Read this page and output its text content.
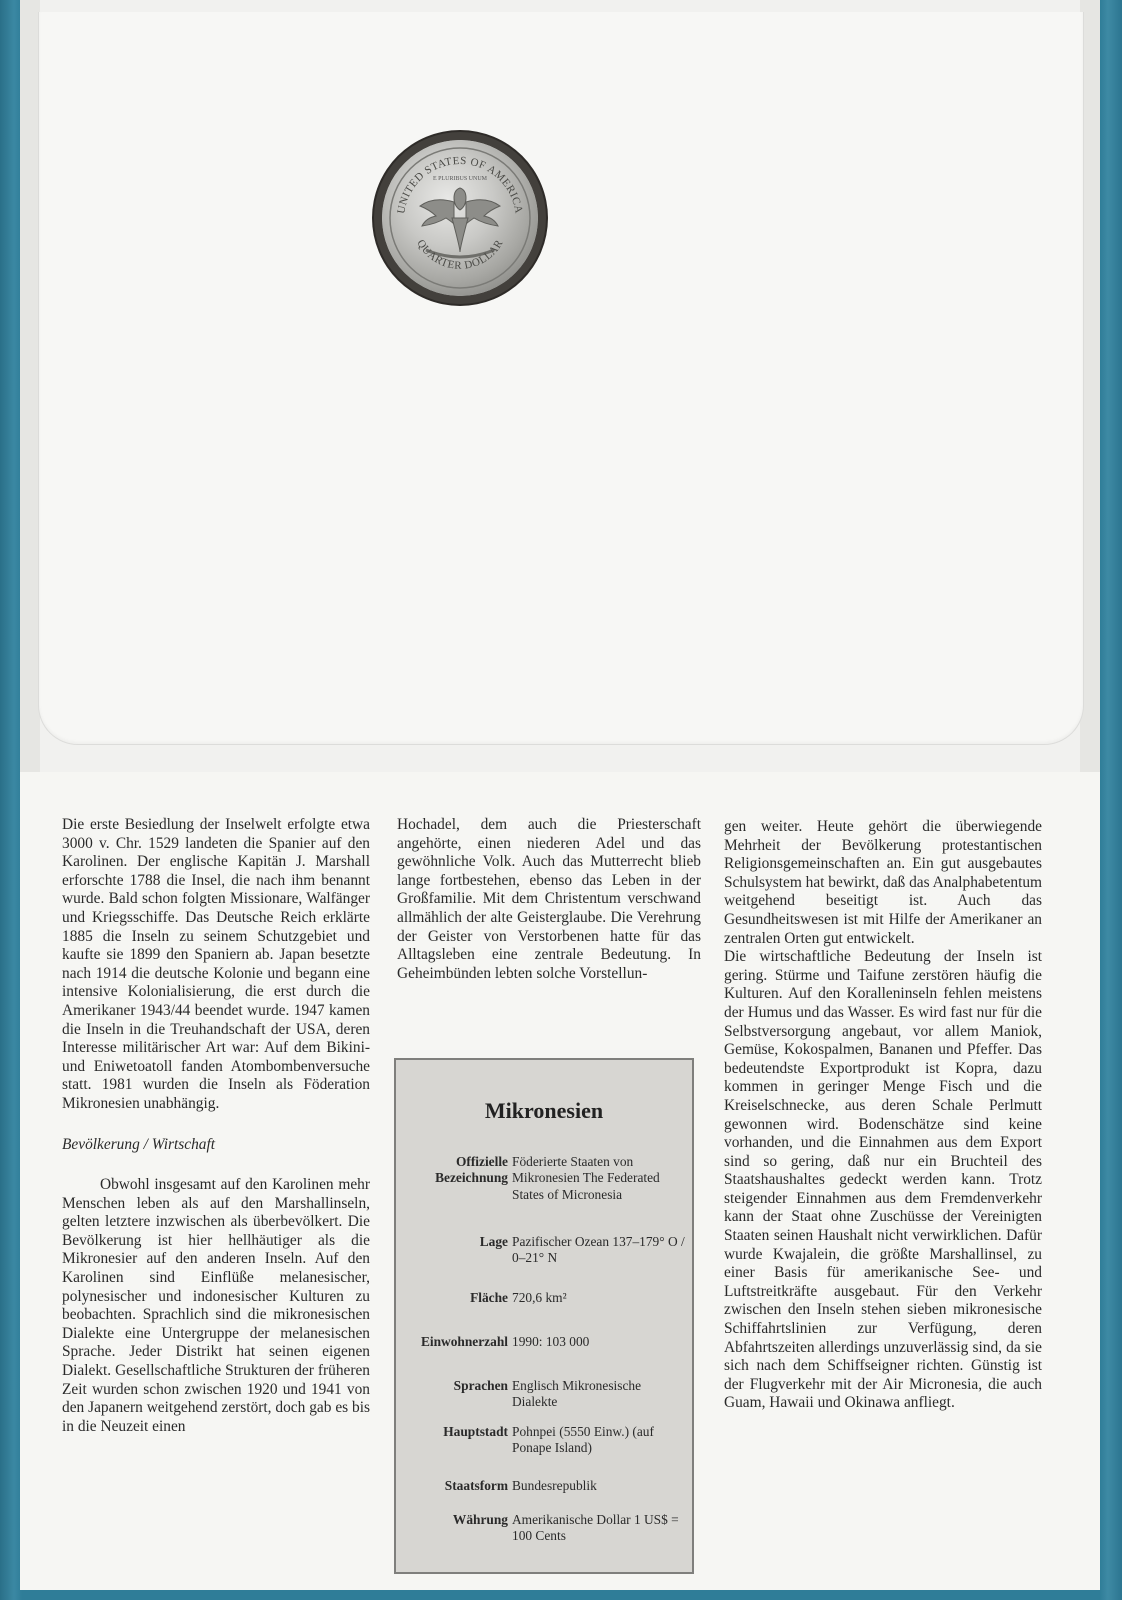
UNITED STATES OF AMERICA
E PLURIBUS UNUM
QUARTER DOLLAR

Die erste Besiedlung der Inselwelt erfolgte etwa 3000 v. Chr. 1529 landeten die Spanier auf den Karolinen. Der englische Kapitän J. Marshall erforschte 1788 die Insel, die nach ihm benannt wurde. Bald schon folgten Missionare, Walfänger und Kriegsschiffe. Das Deutsche Reich erklärte 1885 die Inseln zu seinem Schutzgebiet und kaufte sie 1899 den Spaniern ab. Japan besetzte nach 1914 die deutsche Kolonie und begann eine intensive Kolonialisierung, die erst durch die Amerikaner 1943/44 beendet wurde. 1947 kamen die Inseln in die Treuhandschaft der USA, deren Interesse militärischer Art war: Auf dem Bikini- und Eniwetoatoll fanden Atombombenversuche statt. 1981 wurden die Inseln als Föderation Mikronesien unabhängig.

Bevölkerung / Wirtschaft

Obwohl insgesamt auf den Karolinen mehr Menschen leben als auf den Marshallinseln, gelten letztere inzwischen als überbevölkert. Die Bevölkerung ist hier hellhäutiger als die Mikronesier auf den anderen Inseln. Auf den Karolinen sind Einflüße melanesischer, polynesischer und indonesischer Kulturen zu beobachten. Sprachlich sind die mikronesischen Dialekte eine Untergruppe der melanesischen Sprache. Jeder Distrikt hat seinen eigenen Dialekt. Gesellschaftliche Strukturen der früheren Zeit wurden schon zwischen 1920 und 1941 von den Japanern weitgehend zerstört, doch gab es bis in die Neuzeit einen

Hochadel, dem auch die Priesterschaft angehörte, einen niederen Adel und das gewöhnliche Volk. Auch das Mutterrecht blieb lange fortbestehen, ebenso das Leben in der Großfamilie. Mit dem Christentum verschwand allmählich der alte Geisterglaube. Die Verehrung der Geister von Verstorbenen hatte für das Alltagsleben eine zentrale Bedeutung. In Geheimbünden lebten solche Vorstellun-

Mikronesien
Offizielle Bezeichnung
Föderierte Staaten von Mikronesien The Federated States of Micronesia
Lage Pazifischer Ozean 137–179° O / 0–21° N
Fläche 720,6 km²
Einwohnerzahl 1990: 103 000
Sprachen Englisch Mikronesische Dialekte
Hauptstadt Pohnpei (5550 Einw.) (auf Ponape Island)
Staatsform Bundesrepublik
Währung Amerikanische Dollar 1 US$ = 100 Cents

gen weiter. Heute gehört die überwiegende Mehrheit der Bevölkerung protestantischen Religionsgemeinschaften an. Ein gut ausgebautes Schulsystem hat bewirkt, daß das Analphabetentum weitgehend beseitigt ist. Auch das Gesundheitswesen ist mit Hilfe der Amerikaner an zentralen Orten gut entwickelt.

Die wirtschaftliche Bedeutung der Inseln ist gering. Stürme und Taifune zerstören häufig die Kulturen. Auf den Koralleninseln fehlen meistens der Humus und das Wasser. Es wird fast nur für die Selbstversorgung angebaut, vor allem Maniok, Gemüse, Kokospalmen, Bananen und Pfeffer. Das bedeutendste Exportprodukt ist Kopra, dazu kommen in geringer Menge Fisch und die Kreiselschnecke, aus deren Schale Perlmutt gewonnen wird. Bodenschätze sind keine vorhanden, und die Einnahmen aus dem Export sind so gering, daß nur ein Bruchteil des Staatshaushaltes gedeckt werden kann. Trotz steigender Einnahmen aus dem Fremdenverkehr kann der Staat ohne Zuschüsse der Vereinigten Staaten seinen Haushalt nicht verwirklichen. Dafür wurde Kwajalein, die größte Marshallinsel, zu einer Basis für amerikanische See- und Luftstreitkräfte ausgebaut. Für den Verkehr zwischen den Inseln stehen sieben mikronesische Schiffahrtslinien zur Verfügung, deren Abfahrtszeiten allerdings unzuverlässig sind, da sie sich nach dem Schiffseigner richten. Günstig ist der Flugverkehr mit der Air Micronesia, die auch Guam, Hawaii und Okinawa anfliegt.
